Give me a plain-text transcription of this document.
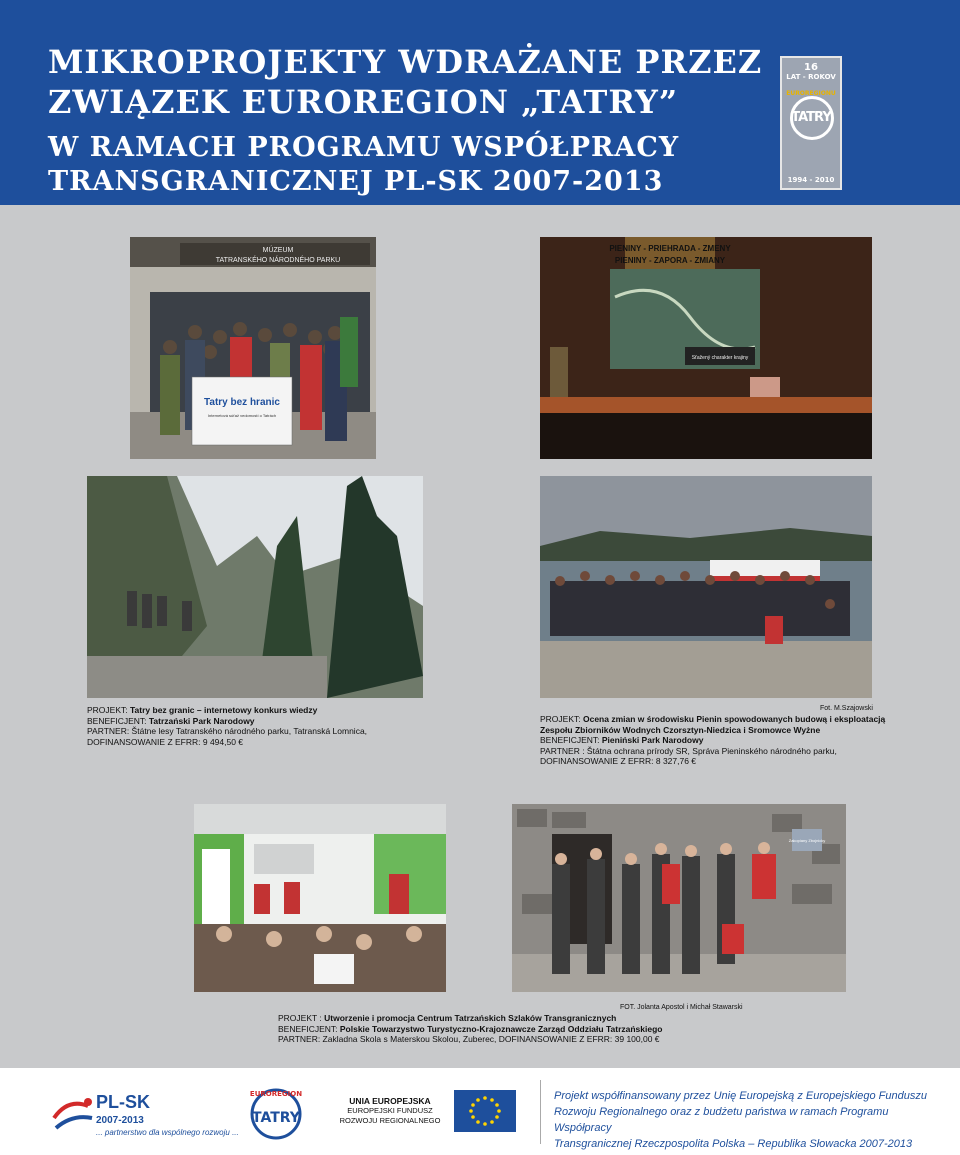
MIKROPROJEKTY WDRAŻANE PRZEZ
ZWIĄZEK EUROREGION „TATRY”
W RAMACH PROGRAMU WSPÓŁPRACY
TRANSGRANICZNEJ PL-SK 2007-2013
16
LAT - ROKOV
EUROREGIONU
TATRY
1994 - 2010
MÚZEUM
TATRANSKÉHO NÁRODNÉHO PARKU
Tatry bez hranic
Internetová súťaž vedomostí o Tatrách
PIENINY - PRIEHRADA - ZMENY
PIENINY - ZAPORA - ZMIANY
Sťažený charakter krajiny
PROJEKT: Tatry bez granic – internetowy konkurs wiedzy
BENEFICJENT: Tatrzański Park Narodowy
PARTNER: Štátne lesy Tatranského národného parku, Tatranská Lomnica,
DOFINANSOWANIE Z EFRR: 9 494,50 €
Fot. M.Szajowski
PROJEKT: Ocena zmian w środowisku Pienin spowodowanych budową i eksploatacją
Zespołu Zbiorników Wodnych Czorsztyn-Niedzica i Sromowce Wyżne
BENEFICJENT: Pieniński Park Narodowy
PARTNER : Štátna ochrana prírody SR, Správa Pieninského národného parku,
DOFINANSOWANIE Z EFRR: 8 327,76 €
Zakopiany Zbojnicky
FOT. Jolanta Apostol i Michał Stawarski
PROJEKT : Utworzenie i promocja Centrum Tatrzańskich Szlaków Transgranicznych
BENEFICJENT: Polskie Towarzystwo Turystyczno-Krajoznawcze Zarząd Oddziału Tatrzańskiego
PARTNER: Zakladna Skola s Materskou Skolou, Zuberec, DOFINANSOWANIE Z EFRR: 39 100,00 €
PL-SK
2007-2013
... partnerstwo dla wspólnego rozwoju ...
EUROREGION
TATRY
UNIA EUROPEJSKA
EUROPEJSKI FUNDUSZ
ROZWOJU REGIONALNEGO
Projekt współfinansowany przez Unię Europejską z Europejskiego Funduszu
Rozwoju Regionalnego oraz z budżetu państwa w ramach Programu Współpracy
Transgranicznej Rzeczpospolita Polska – Republika Słowacka 2007-2013
